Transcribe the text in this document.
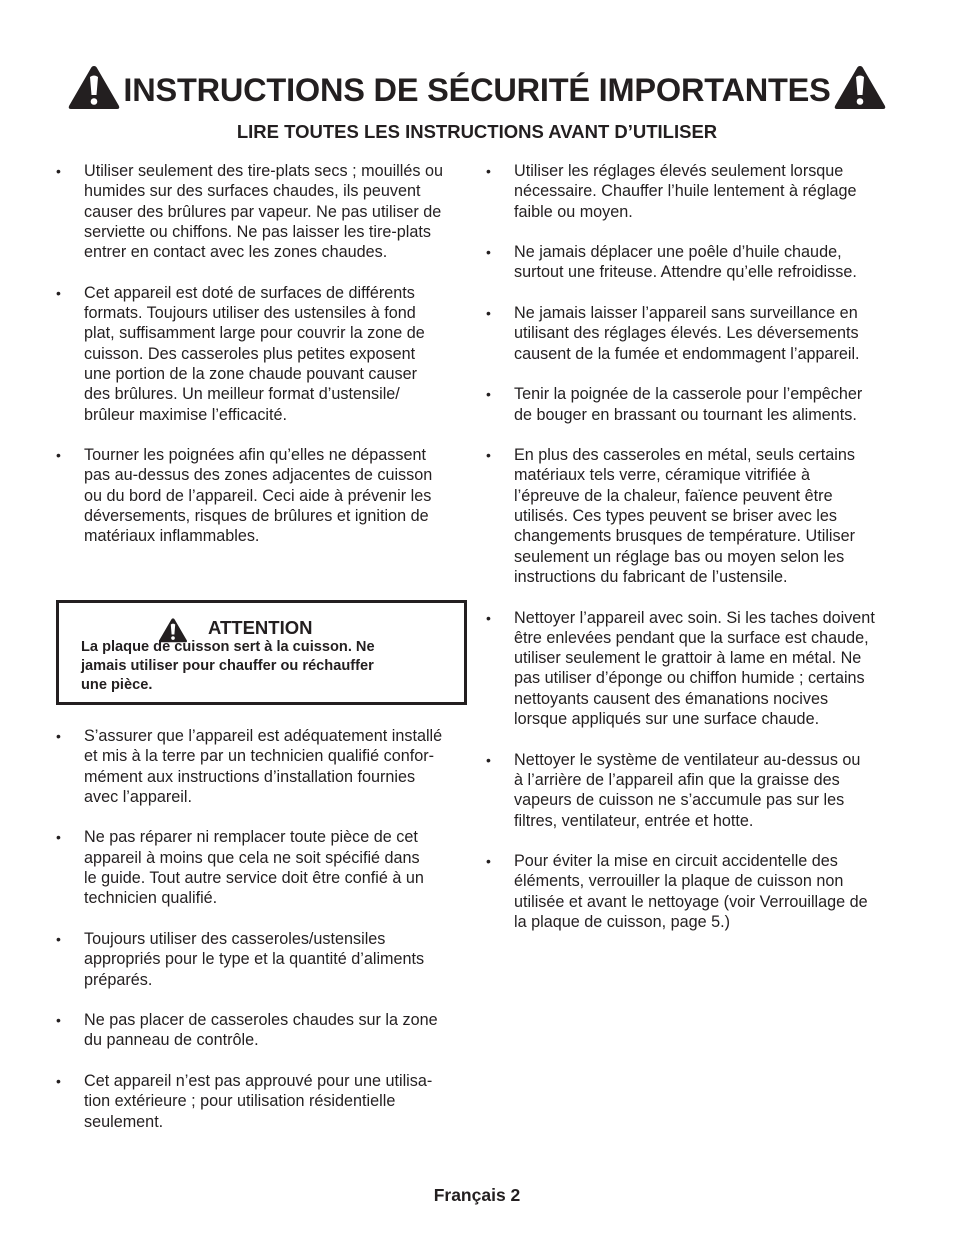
INSTRUCTIONS DE SÉCURITÉ IMPORTANTES
LIRE TOUTES LES INSTRUCTIONS AVANT D’UTILISER
• Utiliser seulement des tire-plats secs ; mouillés ou
humides sur des surfaces chaudes, ils peuvent
causer des brûlures par vapeur. Ne pas utiliser de
serviette ou chiffons. Ne pas laisser les tire-plats
entrer en contact avec les zones chaudes.
• Cet appareil est doté de surfaces de différents
formats. Toujours utiliser des ustensiles à fond
plat, suffisamment large pour couvrir la zone de
cuisson. Des casseroles plus petites exposent
une portion de la zone chaude pouvant causer
des brûlures. Un meilleur format d’ustensile/
brûleur maximise l’efficacité.
• Tourner les poignées afin qu’elles ne dépassent
pas au-dessus des zones adjacentes de cuisson
ou du bord de l’appareil. Ceci aide à prévenir les
déversements, risques de brûlures et ignition de
matériaux inflammables.
ATTENTION
La plaque de cuisson sert à la cuisson. Ne
jamais utiliser pour chauffer ou réchauffer
une pièce.
• S’assurer que l’appareil est adéquatement installé
et mis à la terre par un technicien qualifié confor-
mément aux instructions d’installation fournies
avec l’appareil.
• Ne pas réparer ni remplacer toute pièce de cet
appareil à moins que cela ne soit spécifié dans
le guide. Tout autre service doit être confié à un
technicien qualifié.
• Toujours utiliser des casseroles/ustensiles
appropriés pour le type et la quantité d’aliments
préparés.
• Ne pas placer de casseroles chaudes sur la zone
du panneau de contrôle.
• Cet appareil n’est pas approuvé pour une utilisa-
tion extérieure ; pour utilisation résidentielle
seulement.
• Utiliser les réglages élevés seulement lorsque
nécessaire. Chauffer l’huile lentement à réglage
faible ou moyen.
• Ne jamais déplacer une poêle d’huile chaude,
surtout une friteuse. Attendre qu’elle refroidisse.
• Ne jamais laisser l’appareil sans surveillance en
utilisant des réglages élevés. Les déversements
causent de la fumée et endommagent l’appareil.
• Tenir la poignée de la casserole pour l’empêcher
de bouger en brassant ou tournant les aliments.
• En plus des casseroles en métal, seuls certains
matériaux tels verre, céramique vitrifiée à
l’épreuve de la chaleur, faïence peuvent être
utilisés. Ces types peuvent se briser avec les
changements brusques de température. Utiliser
seulement un réglage bas ou moyen selon les
instructions du fabricant de l’ustensile.
• Nettoyer l’appareil avec soin. Si les taches doivent
être enlevées pendant que la surface est chaude,
utiliser seulement le grattoir à lame en métal. Ne
pas utiliser d’éponge ou chiffon humide ; certains
nettoyants causent des émanations nocives
lorsque appliqués sur une surface chaude.
• Nettoyer le système de ventilateur au-dessus ou
à l’arrière de l’appareil afin que la graisse des
vapeurs de cuisson ne s’accumule pas sur les
filtres, ventilateur, entrée et hotte.
• Pour éviter la mise en circuit accidentelle des
éléments, verrouiller la plaque de cuisson non
utilisée et avant le nettoyage (voir Verrouillage de
la plaque de cuisson, page 5.)
Français 2
